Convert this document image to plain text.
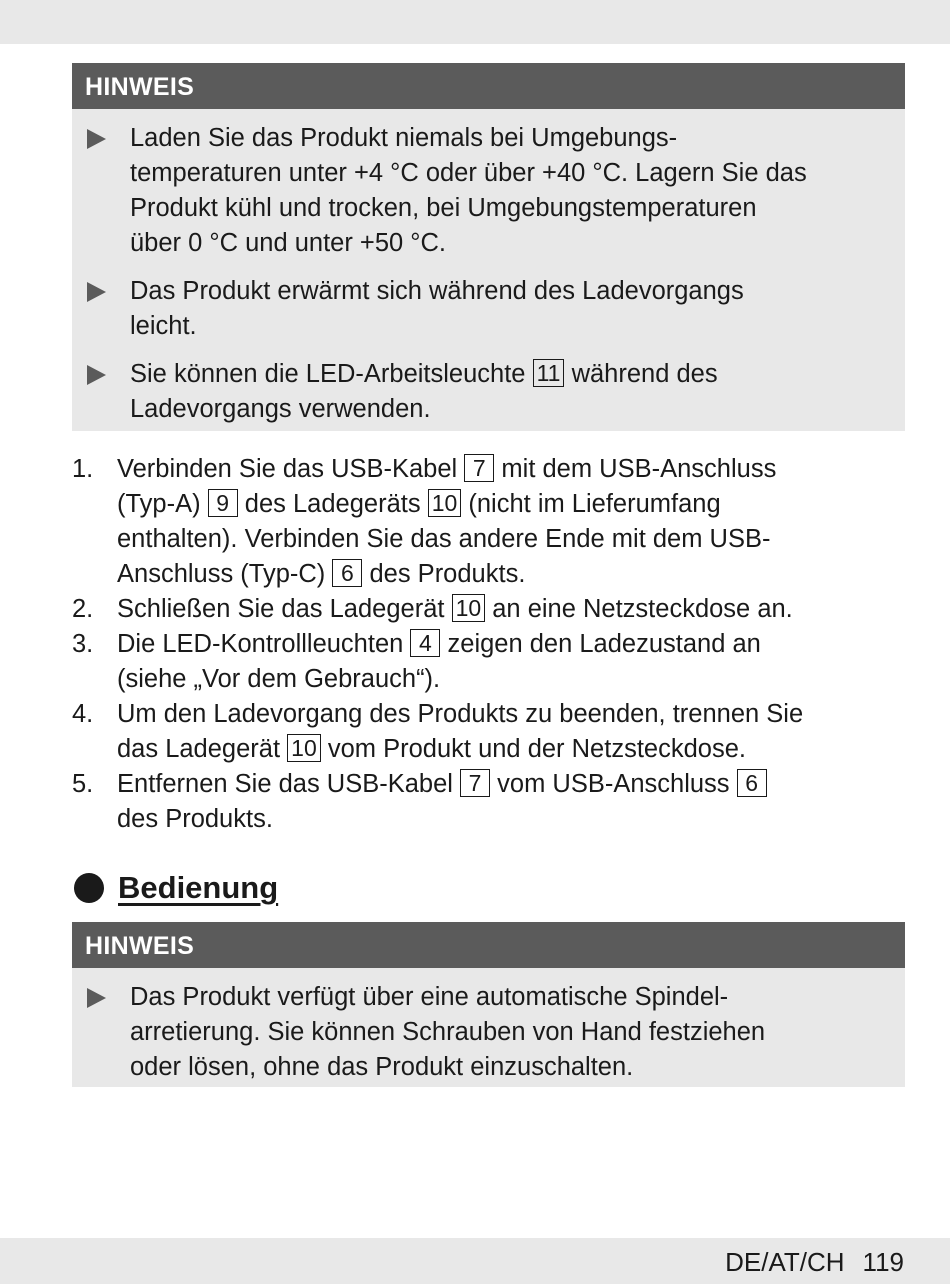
HINWEIS
Laden Sie das Produkt niemals bei Umgebungs-
temperaturen unter +4 °C oder über +40 °C. Lagern Sie das
Produkt kühl und trocken, bei Umgebungstemperaturen
über 0 °C und unter +50 °C.
Das Produkt erwärmt sich während des Ladevorgangs
leicht.
Sie können die LED-Arbeitsleuchte 11 während des
Ladevorgangs verwenden.
1. Verbinden Sie das USB-Kabel 7 mit dem USB-Anschluss
(Typ-A) 9 des Ladegeräts 10 (nicht im Lieferumfang
enthalten). Verbinden Sie das andere Ende mit dem USB-
Anschluss (Typ-C) 6 des Produkts.
2. Schließen Sie das Ladegerät 10 an eine Netzsteckdose an.
3. Die LED-Kontrollleuchten 4 zeigen den Ladezustand an
(siehe „Vor dem Gebrauch“).
4. Um den Ladevorgang des Produkts zu beenden, trennen Sie
das Ladegerät 10 vom Produkt und der Netzsteckdose.
5. Entfernen Sie das USB-Kabel 7 vom USB-Anschluss 6
des Produkts.
Bedienung
HINWEIS
Das Produkt verfügt über eine automatische Spindel-
arretierung. Sie können Schrauben von Hand festziehen
oder lösen, ohne das Produkt einzuschalten.
DE/AT/CH 119
